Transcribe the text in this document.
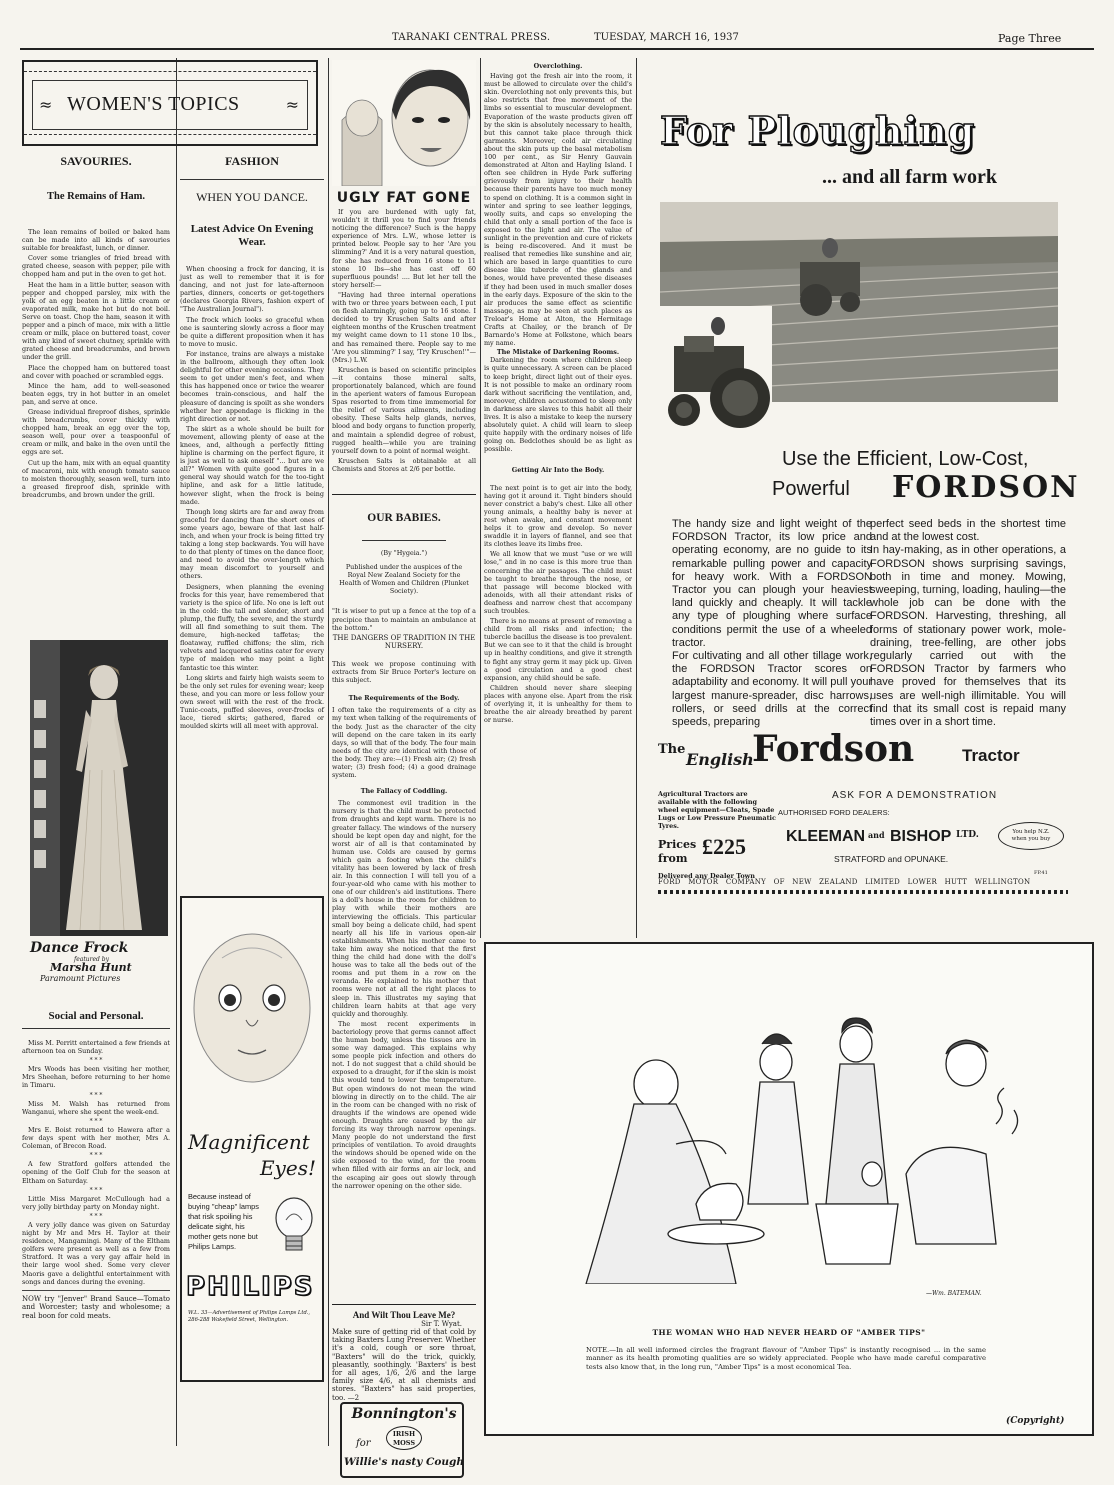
TARANAKI CENTRAL PRESS.	TUESDAY, MARCH 16, 1937	Page Three
≈ WOMEN'S TOPICS	≈
SAVOURIES.
The Remains of Ham.

The lean remains of boiled or baked ham can be made into all kinds of savouries suitable for breakfast, lunch, or dinner.

Cover some triangles of fried bread with grated cheese, season with pepper, pile with chopped ham and put in the oven to get hot.

Heat the ham in a little butter, season with pepper and chopped parsley, mix with the yolk of an egg beaten in a little cream or evaporated milk, make hot but do not boil. Serve on toast. Chop the ham, season it with pepper and a pinch of mace, mix with a little cream or milk, place on buttered toast, cover with any kind of sweet chutney, sprinkle with grated cheese and breadcrumbs, and brown under the grill.

Place the chopped ham on buttered toast and cover with poached or scrambled eggs.

Mince the ham, add to well-seasoned beaten eggs, try in hot butter in an omelet pan, and serve at once.

Grease individual fireproof dishes, sprinkle with breadcrumbs, cover thickly with chopped ham, break an egg over the top, season well, pour over a teaspoonful of cream or milk, and bake in the oven until the eggs are set.

Cut up the ham, mix with an equal quantity of macaroni, mix with enough tomato sauce to moisten thoroughly, season well, turn into a greased fireproof dish, sprinkle with breadcrumbs, and brown under the grill.

Dance Frock
featured by
Marsha Hunt
Paramount Pictures
Social and Personal.

Miss M. Perritt entertained a few friends at afternoon tea on Sunday.

* * *

Mrs Woods has been visiting her mother, Mrs Sheehan, before returning to her home in Timaru.

* * *

Miss M. Walsh has returned from Wanganui, where she spent the week-end.

* * *

Mrs E. Boist returned to Hawera after a few days spent with her mother, Mrs A. Coleman, of Brecon Road.

* * *

A few Stratford golfers attended the opening of the Golf Club for the season at Eltham on Saturday.

* * *

Little Miss Margaret McCullough had a very jolly birthday party on Monday night.

* * *

A very jolly dance was given on Saturday night by Mr and Mrs H. Taylor at their residence, Mangamingi. Many of the Eltham golfers were present as well as a few from Stratford. It was a very gay affair held in their large wool shed. Some very clever Maoris gave a delightful entertainment with songs and dances during the evening.

NOW try "Jenver" Brand Sauce—Tomato and Worcester; tasty and wholesome; a real boon for cold meats.
FASHION
WHEN YOU DANCE.
Latest Advice On Evening Wear.

When choosing a frock for dancing, it is just as well to remember that it is for dancing, and not just for late-afternoon parties, dinners, concerts or get-togethers (declares Georgia Rivers, fashion expert of "The Australian Journal").

The frock which looks so graceful when one is sauntering slowly across a floor may be quite a different proposition when it has to move to music.

For instance, trains are always a mistake in the ballroom, although they often look delightful for other evening occasions. They seem to get under men's feet, and when this has happened once or twice the wearer becomes train-conscious, and half the pleasure of dancing is spoilt as she wonders whether her appendage is flicking in the right direction or not.

The skirt as a whole should be built for movement, allowing plenty of ease at the knees, and, although a perfectly fitting hipline is charming on the perfect figure, it is just as well to ask oneself "... but are we all?" Women with quite good figures in a general way should watch for the too-tight hipline, and ask for a little latitude, however slight, when the frock is being made.

Though long skirts are far and away from graceful for dancing than the short ones of some years ago, beware of that last half-inch, and when your frock is being fitted try taking a long step backwards. You will have to do that plenty of times on the dance floor, and need to avoid the over-length which may mean discomfort to yourself and others.

Designers, when planning the evening frocks for this year, have remembered that variety is the spice of life. No one is left out in the cold: the tall and slender, short and plump, the fluffy, the severe, and the sturdy will all find something to suit them. The demure, high-necked taffetas; the floataway, ruffled chiffons; the slim, rich velvets and lacquered satins cater for every type of maiden who may point a light fantastic toe this winter.

Long skirts and fairly high waists seem to be the only set rules for evening wear; keep these, and you can more or less follow your own sweet will with the rest of the frock. Tunic-coats, puffed sleeves, over-frocks of lace, tiered skirts; gathered, flared or moulded skirts will all meet with approval.

Magnificent
Eyes!
Because instead of buying "cheap" lamps that risk spoiling his delicate sight, his mother gets none but Philips Lamps.
PHILIPS
W.L. 33—Advertisement of Philips Lamps Ltd., 286-288 Wakefield Street, Wellington.
UGLY FAT GONE

If you are burdened with ugly fat, wouldn't it thrill you to find your friends noticing the difference? Such is the happy experience of Mrs. L.W., whose letter is printed below. People say to her 'Are you slimming?' And it is a very natural question, for she has reduced from 16 stone to 11 stone 10 lbs—she has cast off 60 superfluous pounds! .... But let her tell the story herself:—

"Having had three internal operations with two or three years between each, I put on flesh alarmingly, going up to 16 stone. I decided to try Kruschen Salts and after eighteen months of the Kruschen treatment my weight came down to 11 stone 10 lbs., and has remained there. People say to me 'Are you slimming?' I say, 'Try Kruschen!'"—(Mrs.) L.W.

Kruschen is based on scientific principles—it contains those mineral salts, proportionately balanced, which are found in the aperient waters of famous European Spas resorted to from time immemorial for the relief of various ailments, including obesity. These Salts help glands, nerves, blood and body organs to function properly, and maintain a splendid degree of robust, rugged health—while you are training yourself down to a point of normal weight.

Kruschen Salts is obtainable at all Chemists and Stores at 2/6 per bottle.

OUR BABIES.
(By "Hygeia.")
Published under the auspices of the Royal New Zealand Society for the Health of Women and Children (Plunket Society).
"It is wiser to put up a fence at the top of a precipice than to maintain an ambulance at the bottom."
THE DANGERS OF TRADITION IN THE NURSERY.
This week we propose continuing with extracts from Sir Bruce Porter's lecture on this subject.
The Requirements of the Body.
I often take the requirements of a city as my text when talking of the requirements of the body. Just as the character of the city will depend on the care taken in its early days, so will that of the body. The four main needs of the city are identical with those of the body. They are:—(1) Fresh air; (2) fresh water; (3) fresh food; (4) a good drainage system.
The Fallacy of Coddling.

The commonest evil tradition in the nursery is that the child must be protected from draughts and kept warm. There is no greater fallacy. The windows of the nursery should be kept open day and night, for the worst air of all is that contaminated by human use. Colds are caused by germs which gain a footing when the child's vitality has been lowered by lack of fresh air. In this connection I will tell you of a four-year-old who came with his mother to one of our children's aid institutions. There is a doll's house in the room for children to play with while their mothers are interviewing the officials. This particular small boy being a delicate child, had spent nearly all his life in various open-air establishments. When his mother came to take him away she noticed that the first thing the child had done with the doll's house was to take all the beds out of the rooms and put them in a row on the veranda. He explained to his mother that rooms were not at all the right places to sleep in. This illustrates my saying that children learn habits at that age very quickly and thoroughly.

The most recent experiments in bacteriology prove that germs cannot affect the human body, unless the tissues are in some way damaged. This explains why some people pick infection and others do not. I do not suggest that a child should be exposed to a draught, for if the skin is moist this would tend to lower the temperature. But open windows do not mean the wind blowing in directly on to the child. The air in the room can be changed with no risk of draughts if the windows are opened wide enough. Draughts are caused by the air forcing its way through narrow openings. Many people do not understand the first principles of ventilation. To avoid draughts the windows should be opened wide on the side exposed to the wind, for the room when filled with air forms an air lock, and the escaping air goes out slowly through the narrower opening on the other side.

And Wilt Thou Leave Me?
Sir T. Wyat.
Make sure of getting rid of that cold by taking Baxters Lung Preserver. Whether it's a cold, cough or sore throat, "Baxters" will do the trick, quickly, pleasantly, soothingly. 'Baxters' is best for all ages, 1/6, 2/6 and the large family size 4/6, at all chemists and stores. "Baxters" has said properties, too. —2
Bonnington's
IRISH MOSS
for
Willie's nasty Cough
Overclothing.
Having got the fresh air into the room, it must be allowed to circulate over the child's skin. Overclothing not only prevents this, but also restricts that free movement of the limbs so essential to muscular development. Evaporation of the waste products given off by the skin is absolutely necessary to health, but this cannot take place through thick garments. Moreover, cold air circulating about the skin puts up the basal metabolism 100 per cent., as Sir Henry Gauvain demonstrated at Alton and Hayling Island. I often see children in Hyde Park suffering grievously from injury to their health because their parents have too much money to spend on clothing. It is a common sight in winter and spring to see leather leggings, woolly suits, and caps so enveloping the child that only a small portion of the face is exposed to the light and air. The value of sunlight in the prevention and cure of rickets is being re-discovered. And it must be realised that remedies like sunshine and air, which are based in large quantities to cure disease like tubercle of the glands and bones, would have prevented these diseases if they had been used in much smaller doses in the early days. Exposure of the skin to the air produces the same effect as scientific massage, as may be seen at such places as Treloar's Home at Alton, the Hermitage Crafts at Chailey, or the branch of Dr Barnardo's Home at Folkstone, which bears my name.
The Mistake of Darkening Rooms.
Darkening the room where children sleep is quite unnecessary. A screen can be placed to keep bright, direct light out of their eyes. It is not possible to make an ordinary room dark without sacrificing the ventilation, and, moreover, children accustomed to sleep only in darkness are slaves to this habit all their lives. It is also a mistake to keep the nursery absolutely quiet. A child will learn to sleep quite happily with the ordinary noises of life going on. Bedclothes should be as light as possible.
Getting Air Into the Body.

The next point is to get air into the body, having got it around it. Tight binders should never constrict a baby's chest. Like all other young animals, a healthy baby is never at rest when awake, and constant movement helps it to grow and develop. So never swaddle it in layers of flannel, and see that its clothes leave its limbs free.

We all know that we must "use or we will lose," and in no case is this more true than concerning the air passages. The child must be taught to breathe through the nose, or that passage will become blocked with adenoids, with all their attendant risks of deafness and narrow chest that accompany such troubles.

There is no means at present of removing a child from all risks and infection; the tubercle bacillus the disease is too prevalent. But we can see to it that the child is brought up in healthy conditions, and give it strength to fight any stray germ it may pick up. Given a good circulation and a good chest expansion, any child should be safe.

Children should never share sleeping places with anyone else. Apart from the risk of overlying it, it is unhealthy for them to breathe the air already breathed by parent or nurse.

For Ploughing
... and all farm work
Use the Efficient, Low-Cost,
Powerful FORDSON
The handy size and light weight of the FORDSON Tractor, its low price and operating economy, are no guide to its remarkable pulling power and capacity for heavy work. With a FORDSON Tractor you can plough your heaviest land quickly and cheaply. It will tackle any type of ploughing where surface conditions permit the use of a wheeled tractor.
For cultivating and all other tillage work, the FORDSON Tractor scores on adaptability and economy. It will pull your largest manure-spreader, disc harrows, rollers, or seed drills at the correct speeds, preparing
perfect seed beds in the shortest time and at the lowest cost.
In hay-making, as in other operations, a FORDSON shows surprising savings, both in time and money. Mowing, sweeping, turning, loading, hauling—the whole job can be done with the FORDSON. Harvesting, threshing, all forms of stationary power work, mole-draining, tree-felling, are other jobs regularly carried out with the FORDSON Tractor by farmers who have proved for themselves that its uses are well-nigh illimitable. You will find that its small cost is repaid many times over in a short time.
The
English
Fordson	Tractor
Agricultural Tractors are available with the following wheel equipment—Cleats, Spade Lugs or Low Pressure Pneumatic Tyres.
Prices
from £225
Delivered any Dealer Town
ASK FOR A DEMONSTRATION
AUTHORISED FORD DEALERS:
KLEEMAN and BISHOP LTD.	You help N.Z. when you buy
STRATFORD and OPUNAKE.
FP.41
FORD MOTOR COMPANY OF NEW ZEALAND LIMITED LOWER HUTT WELLINGTON
—Wm. BATEMAN.
THE WOMAN WHO HAD NEVER HEARD OF "AMBER TIPS"
NOTE.—In all well informed circles the fragrant flavour of "Amber Tips" is instantly recognised ... in the same manner as its health promoting qualities are so widely appreciated. People who have made careful comparative tests also know that, in the long run, "Amber Tips" is a most economical Tea.
(Copyright)
